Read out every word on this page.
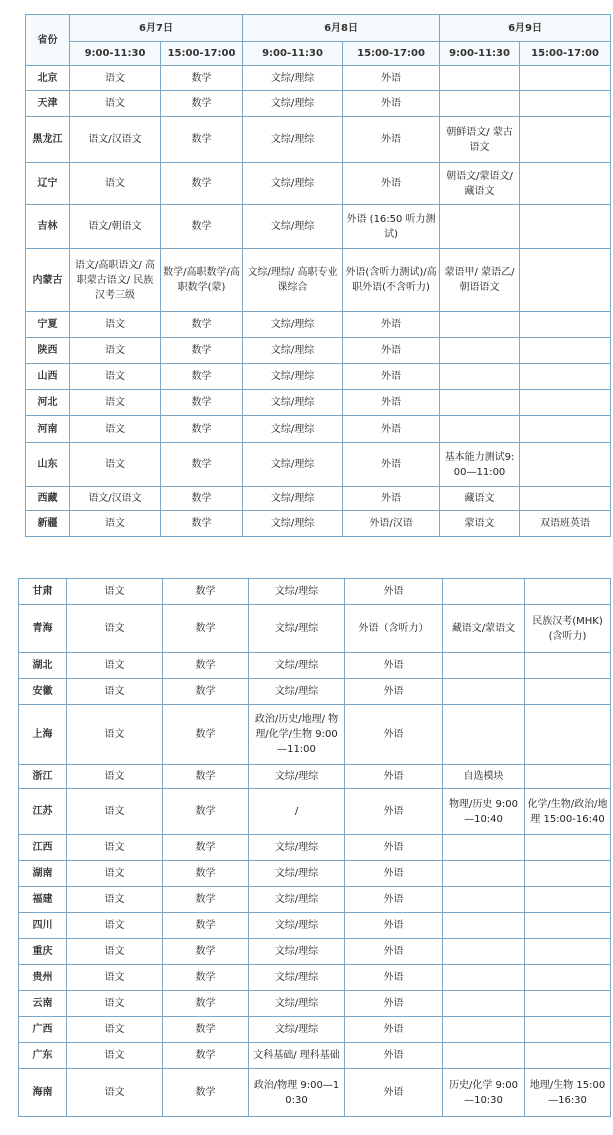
省份	6月7日		6月8日		6月9日	
	9:00-11:30	15:00-17:00	9:00-11:30	15:00-17:00	9:00-11:30	15:00-17:00
北京	语文	数学	文综/理综	外语		
天津	语文	数学	文综/理综	外语		
黑龙江	语文/汉语文	数学	文综/理综	外语	朝鲜语文/ 蒙古语文	
辽宁	语文	数学	文综/理综	外语	朝语文/蒙语文/藏语文	
吉林	语文/朝语文	数学	文综/理综	外语 (16:50 听力测试)		
内蒙古	语文/高职语文/ 高职蒙古语文/ 民族汉考三级	数学/高职数学/高职数学(蒙)	文综/理综/ 高职专业课综合	外语(含听力测试)/高职外语(不含听力)	蒙语甲/ 蒙语乙/朝语语文	
宁夏	语文	数学	文综/理综	外语		
陕西	语文	数学	文综/理综	外语		
山西	语文	数学	文综/理综	外语		
河北	语文	数学	文综/理综	外语		
河南	语文	数学	文综/理综	外语		
山东	语文	数学	文综/理综	外语	基本能力测试9:00—11:00	
西藏	语文/汉语文	数学	文综/理综	外语	藏语文	
新疆	语文	数学	文综/理综	外语/汉语	蒙语文	双语班英语
甘肃	语文	数学	文综/理综	外语		
青海	语文	数学	文综/理综	外语（含听力）	藏语文/蒙语文	民族汉考(MHK)(含听力)
湖北	语文	数学	文综/理综	外语		
安徽	语文	数学	文综/理综	外语		
上海	语文	数学	政治/历史/地理/ 物理/化学/生物 9:00—11:00	外语		
浙江	语文	数学	文综/理综	外语	自选模块	
江苏	语文	数学	/	外语	物理/历史 9:00—10:40	化学/生物/政治/地理 15:00-16:40
江西	语文	数学	文综/理综	外语		
湖南	语文	数学	文综/理综	外语		
福建	语文	数学	文综/理综	外语		
四川	语文	数学	文综/理综	外语		
重庆	语文	数学	文综/理综	外语		
贵州	语文	数学	文综/理综	外语		
云南	语文	数学	文综/理综	外语		
广西	语文	数学	文综/理综	外语		
广东	语文	数学	文科基础/ 理科基础	外语		
海南	语文	数学	政治/物理 9:00—10:30	外语	历史/化学 9:00—10:30	地理/生物 15:00—16:30
